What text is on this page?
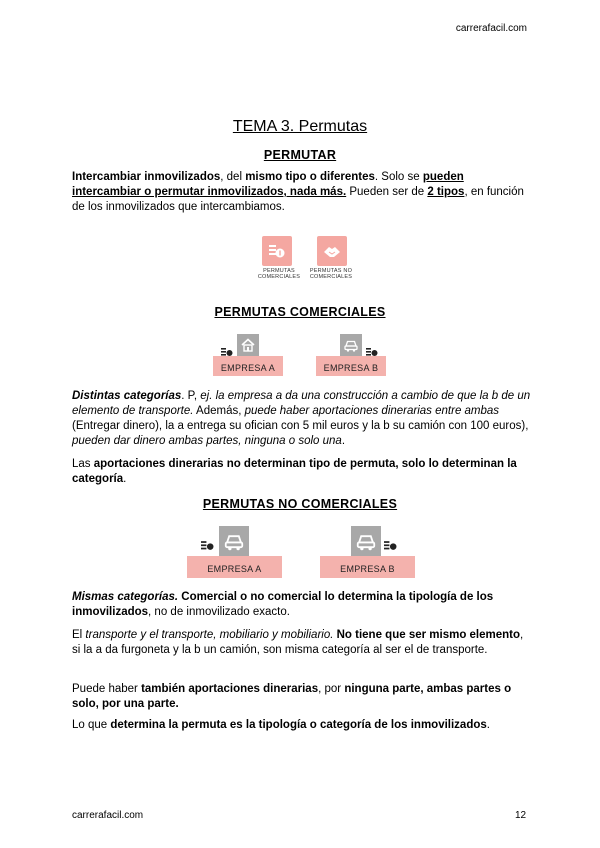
carrerafacil.com
TEMA 3. Permutas
PERMUTAR
Intercambiar inmovilizados, del mismo tipo o diferentes. Solo se pueden intercambiar o permutar inmovilizados, nada más. Pueden ser de 2 tipos, en función de los inmovilizados que intercambiamos.
PERMUTAS COMERCIALES
PERMUTAS NO COMERCIALES
PERMUTAS COMERCIALES
EMPRESA A	EMPRESA B
Distintas categorías. P, ej. la empresa a da una construcción a cambio de que la b de un elemento de transporte. Además, puede haber aportaciones dinerarias entre ambas (Entregar dinero), la a entrega su ofician con 5 mil euros y la b su camión con 100 euros), pueden dar dinero ambas partes, ninguna o solo una.
Las aportaciones dinerarias no determinan tipo de permuta, solo lo determinan la categoría.
PERMUTAS NO COMERCIALES
EMPRESA A	EMPRESA B
Mismas categorías. Comercial o no comercial lo determina la tipología de los inmovilizados, no de inmovilizado exacto.
El transporte y el transporte, mobiliario y mobiliario. No tiene que ser mismo elemento, si la a da furgoneta y la b un camión, son misma categoría al ser el de transporte.
Puede haber también aportaciones dinerarias, por ninguna parte, ambas partes o solo, por una parte.
Lo que determina la permuta es la tipología o categoría de los inmovilizados.
carrerafacil.com	12
